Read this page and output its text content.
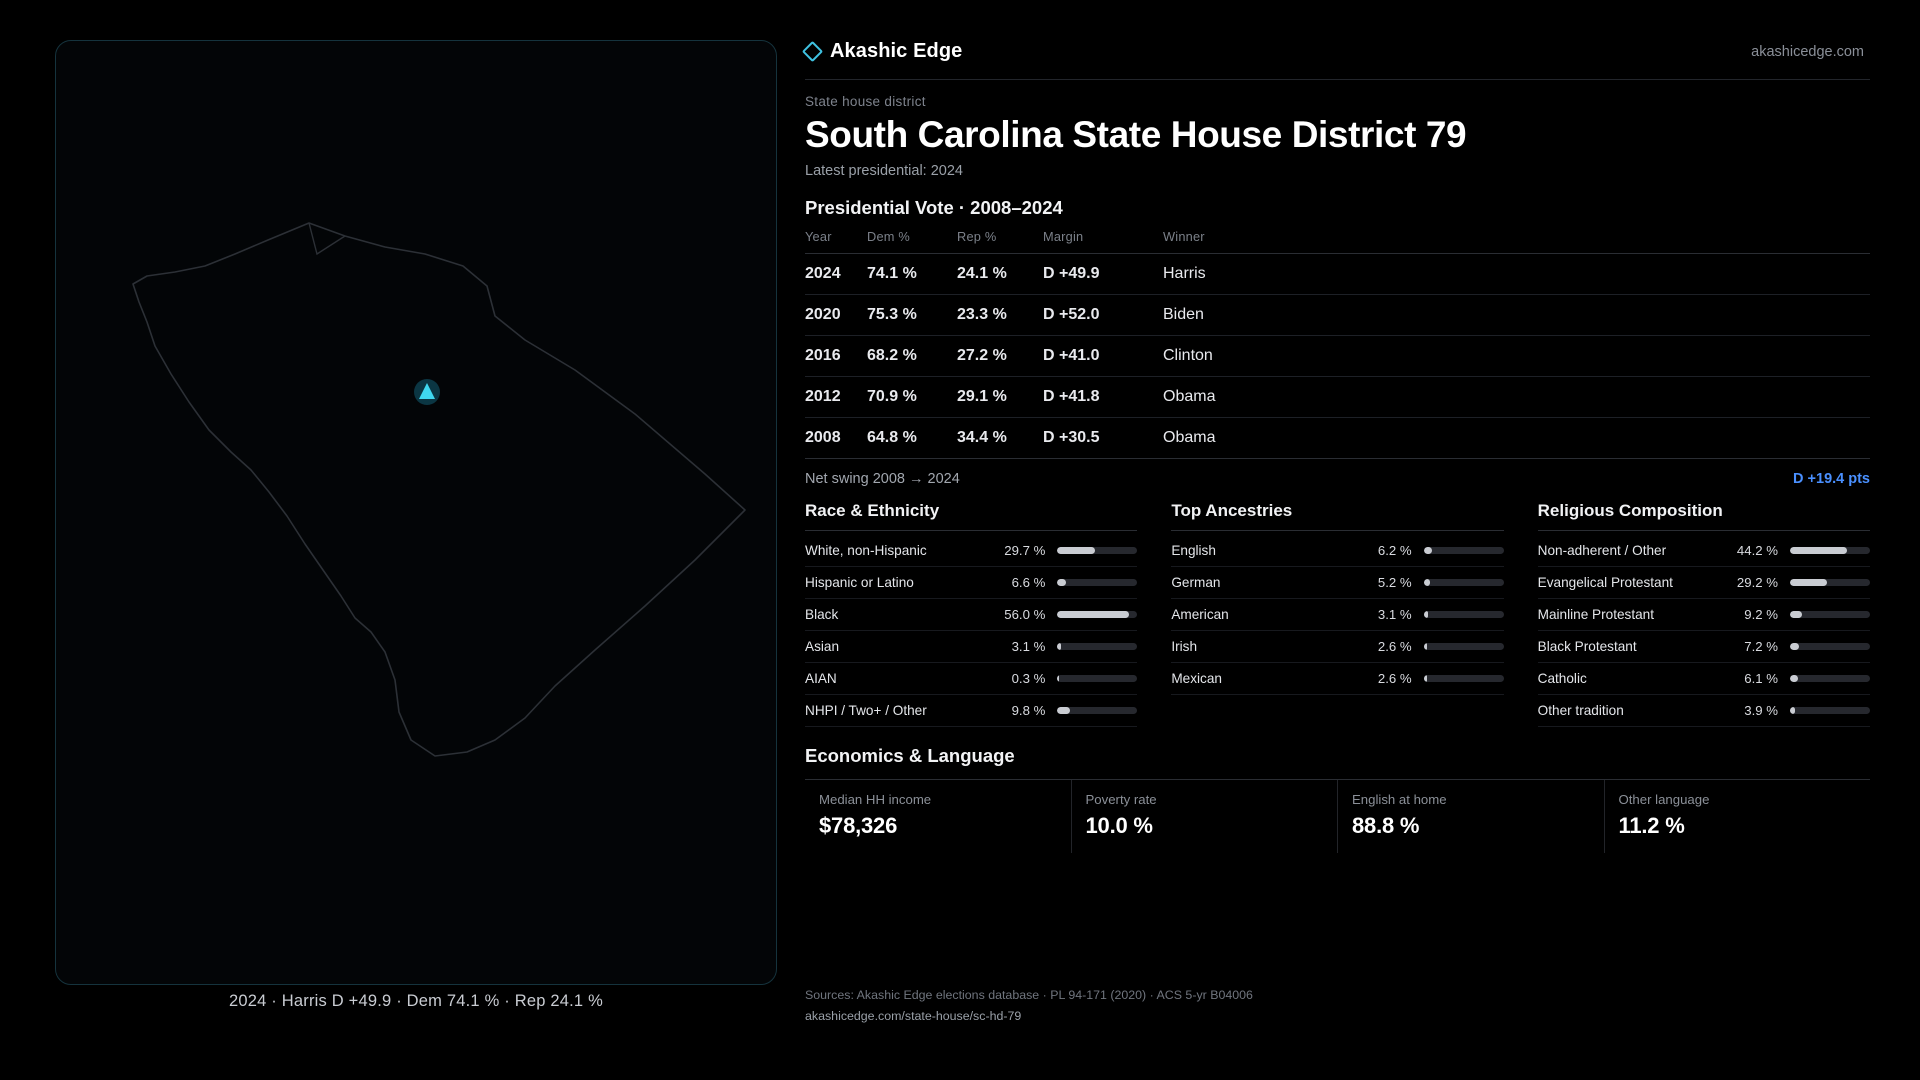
2024 · Harris D +49.9 · Dem 74.1 % · Rep 24.1 %
Akashic Edge	akashicedge.com
State house district
South Carolina State House District 79
Latest presidential: 2024
Presidential Vote · 2008–2024
Year	Dem %	Rep %	Margin	Winner
2024	74.1 %	24.1 %	D +49.9	Harris
2020	75.3 %	23.3 %	D +52.0	Biden
2016	68.2 %	27.2 %	D +41.0	Clinton
2012	70.9 %	29.1 %	D +41.8	Obama
2008	64.8 %	34.4 %	D +30.5	Obama
Net swing 2008 → 2024	D +19.4 pts
Race & Ethnicity
White, non-Hispanic	29.7 %
Hispanic or Latino	6.6 %
Black	56.0 %
Asian	3.1 %
AIAN	0.3 %
NHPI / Two+ / Other	9.8 %
Top Ancestries
English	6.2 %
German	5.2 %
American	3.1 %
Irish	2.6 %
Mexican	2.6 %
Religious Composition
Non-adherent / Other	44.2 %
Evangelical Protestant	29.2 %
Mainline Protestant	9.2 %
Black Protestant	7.2 %
Catholic	6.1 %
Other tradition	3.9 %
Economics & Language
Median HH income
$78,326
Poverty rate
10.0 %
English at home
88.8 %
Other language
11.2 %
Sources: Akashic Edge elections database · PL 94-171 (2020) · ACS 5-yr B04006
akashicedge.com/state-house/sc-hd-79
